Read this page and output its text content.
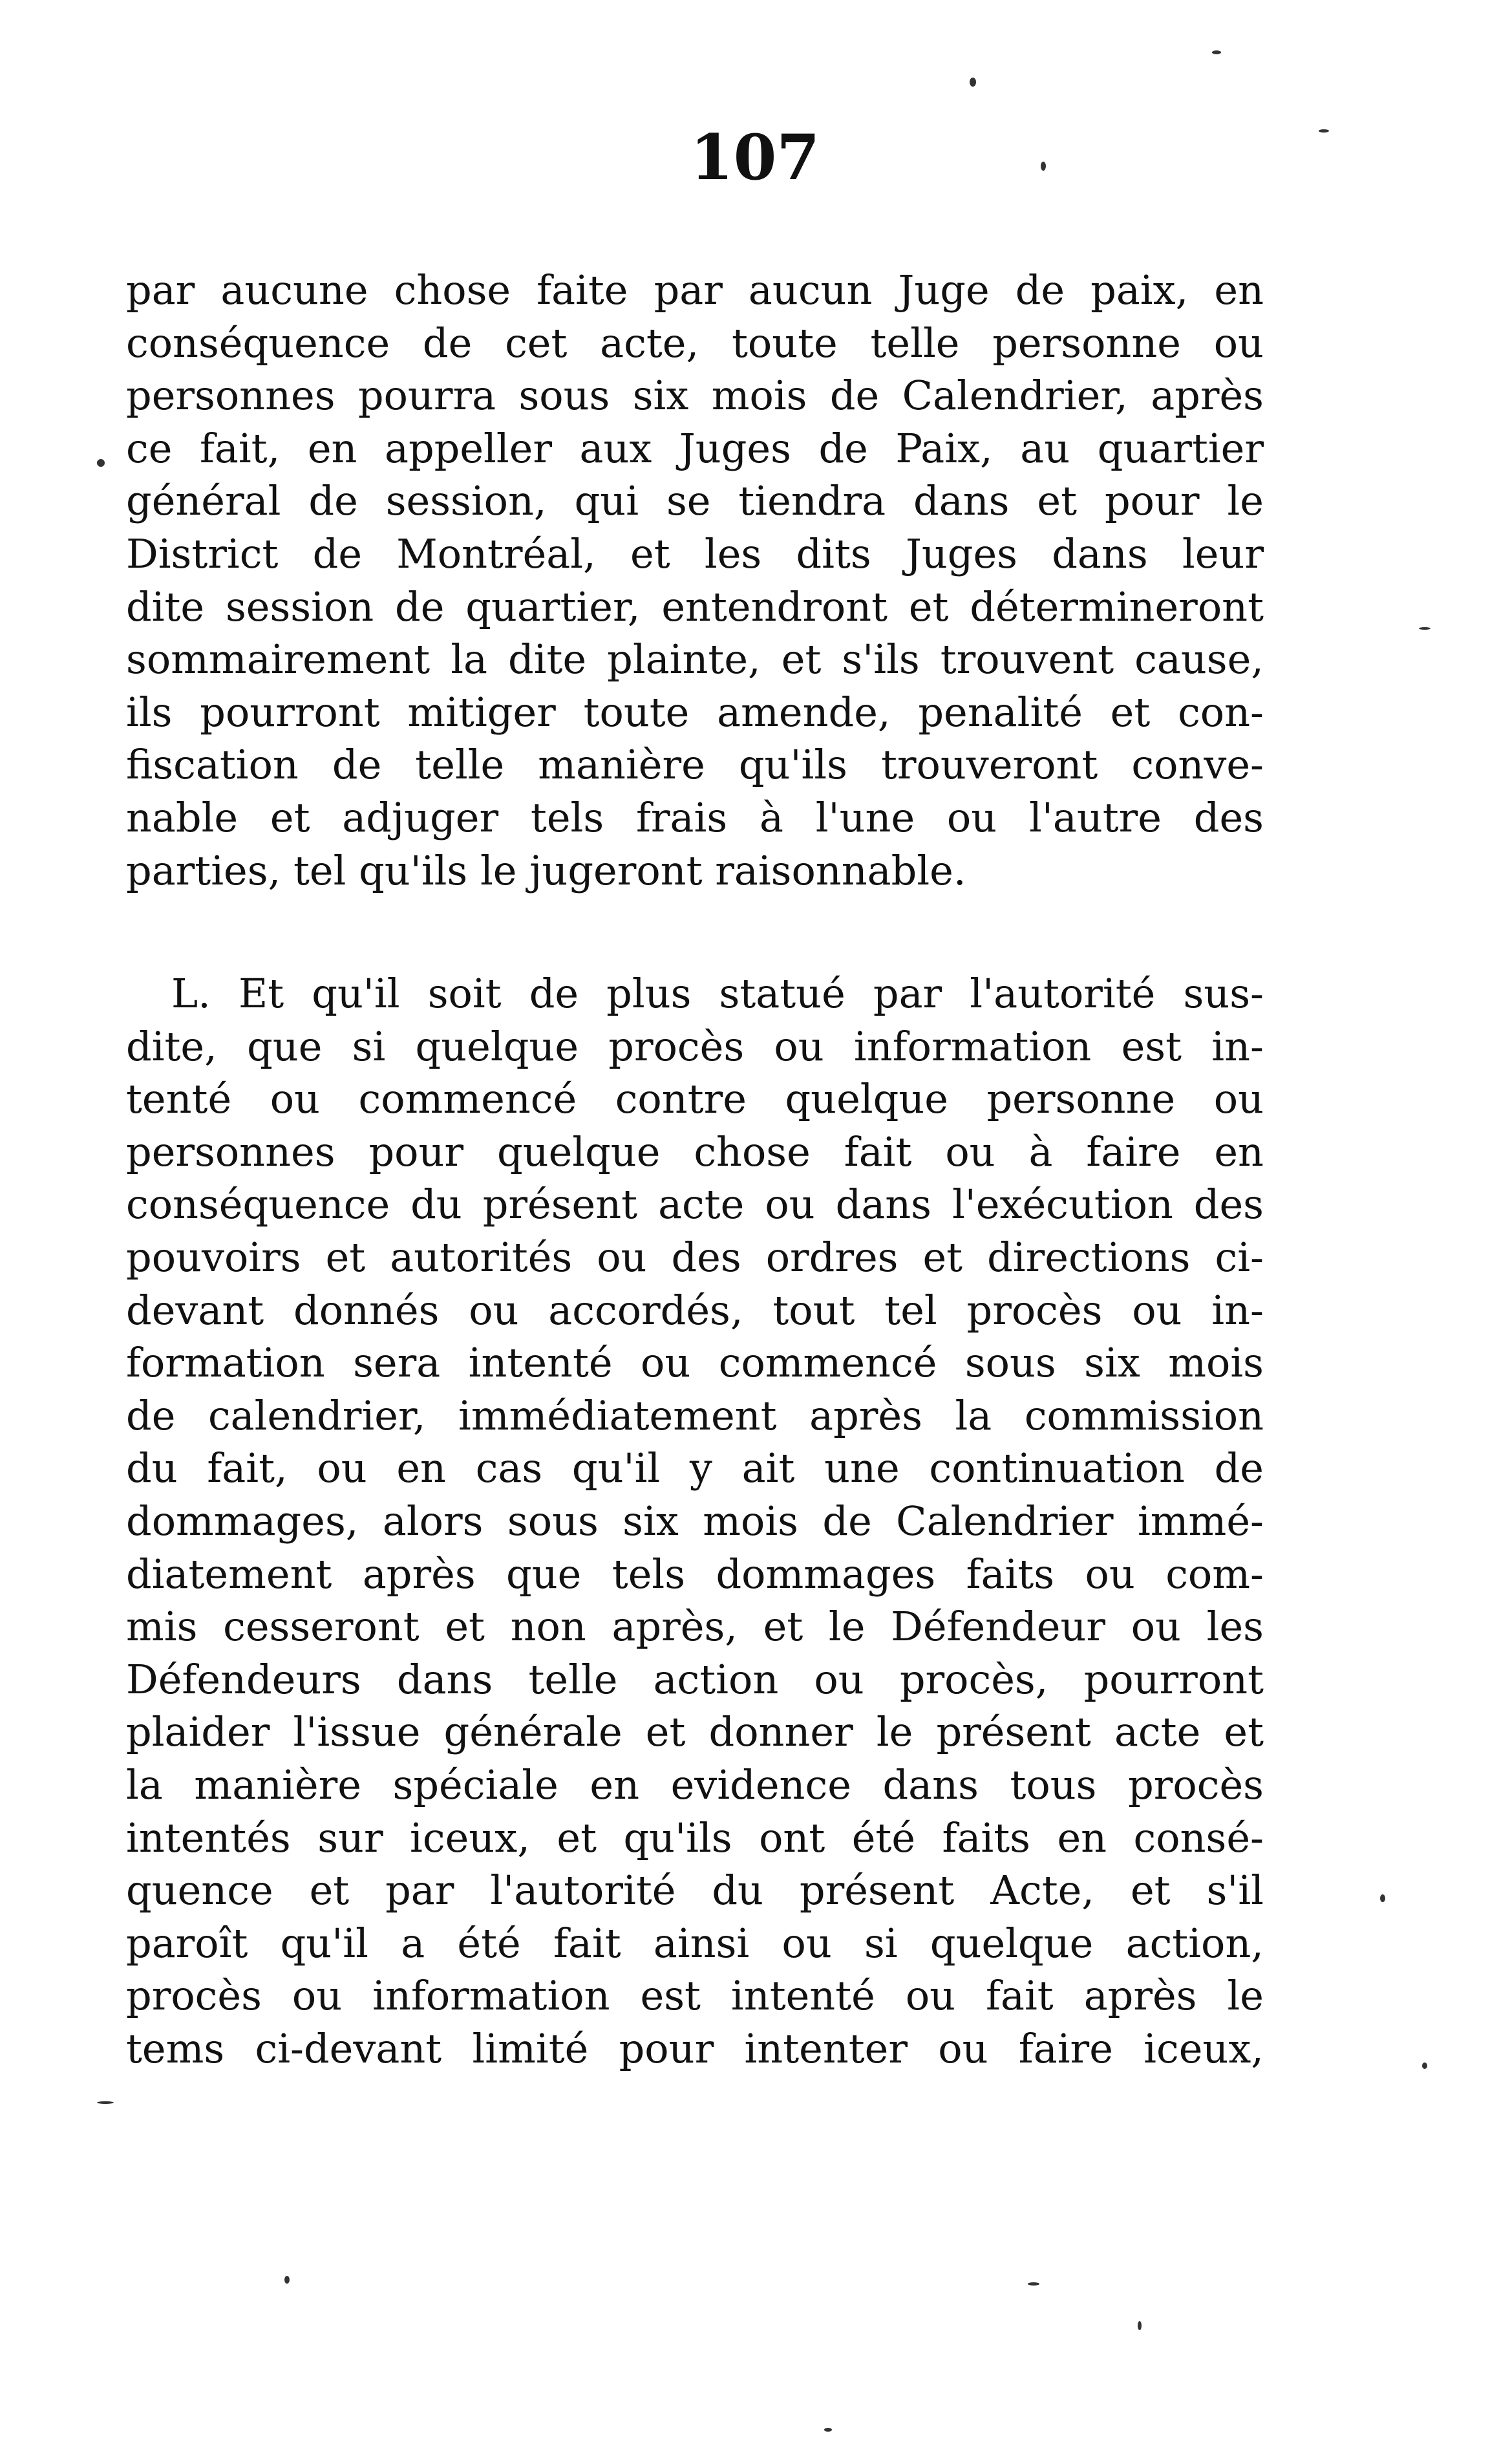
107
par aucune chose faite par aucun Juge de paix, en
conséquence de cet acte, toute telle personne ou
personnes pourra sous six mois de Calendrier, après
ce fait, en appeller aux Juges de Paix, au quartier
général de session, qui se tiendra dans et pour le
District de Montréal, et les dits Juges dans leur
dite session de quartier, entendront et détermineront
sommairement la dite plainte, et s'ils trouvent cause,
ils pourront mitiger toute amende, penalité et con-
fiscation de telle manière qu'ils trouveront conve-
nable et adjuger tels frais à l'une ou l'autre des
parties, tel qu'ils le jugeront raisonnable.
L. Et qu'il soit de plus statué par l'autorité sus-
dite, que si quelque procès ou information est in-
tenté ou commencé contre quelque personne ou
personnes pour quelque chose fait ou à faire en
conséquence du présent acte ou dans l'exécution des
pouvoirs et autorités ou des ordres et directions ci-
devant donnés ou accordés, tout tel procès ou in-
formation sera intenté ou commencé sous six mois
de calendrier, immédiatement après la commission
du fait, ou en cas qu'il y ait une continuation de
dommages, alors sous six mois de Calendrier immé-
diatement après que tels dommages faits ou com-
mis cesseront et non après, et le Défendeur ou les
Défendeurs dans telle action ou procès, pourront
plaider l'issue générale et donner le présent acte et
la manière spéciale en evidence dans tous procès
intentés sur iceux, et qu'ils ont été faits en consé-
quence et par l'autorité du présent Acte, et s'il
paroît qu'il a été fait ainsi ou si quelque action,
procès ou information est intenté ou fait après le
tems ci-devant limité pour intenter ou faire iceux,
